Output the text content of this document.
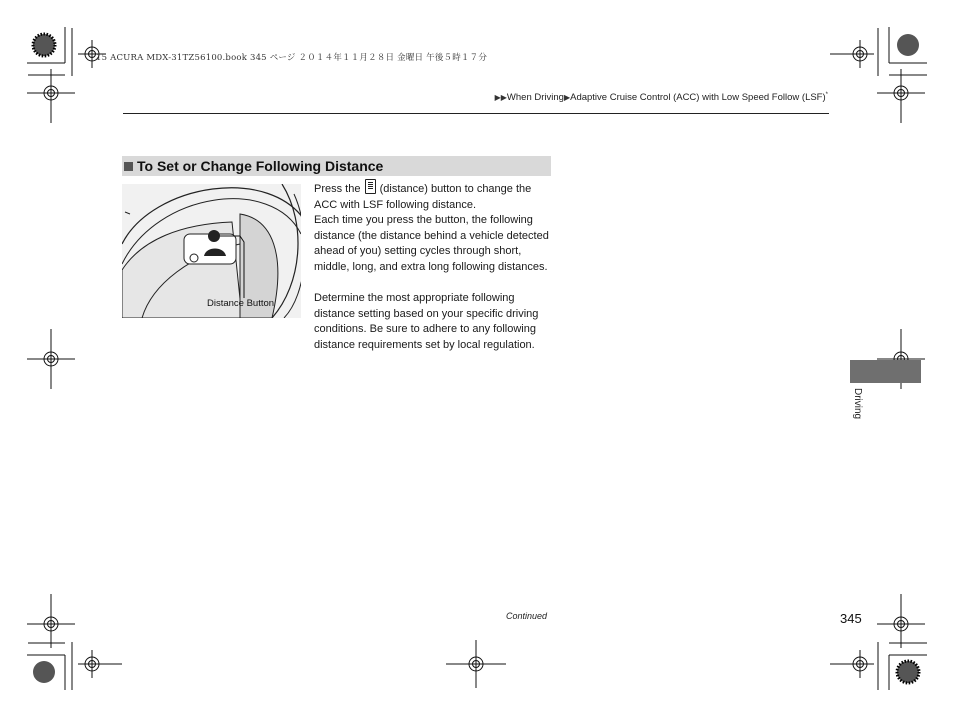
15 ACURA MDX-31TZ56100.book 345 ページ ２０１４年１１月２８日 金曜日 午後５時１７分
▶▶When Driving▶Adaptive Cruise Control (ACC) with Low Speed Follow (LSF)*
To Set or Change Following Distance
Distance Button

Press the (distance) button to change the ACC with LSF following distance.

Each time you press the button, the following distance (the distance behind a vehicle detected ahead of you) setting cycles through short, middle, long, and extra long following distances.

Determine the most appropriate following distance setting based on your specific driving conditions. Be sure to adhere to any following distance requirements set by local regulation.

Driving
Continued	345
